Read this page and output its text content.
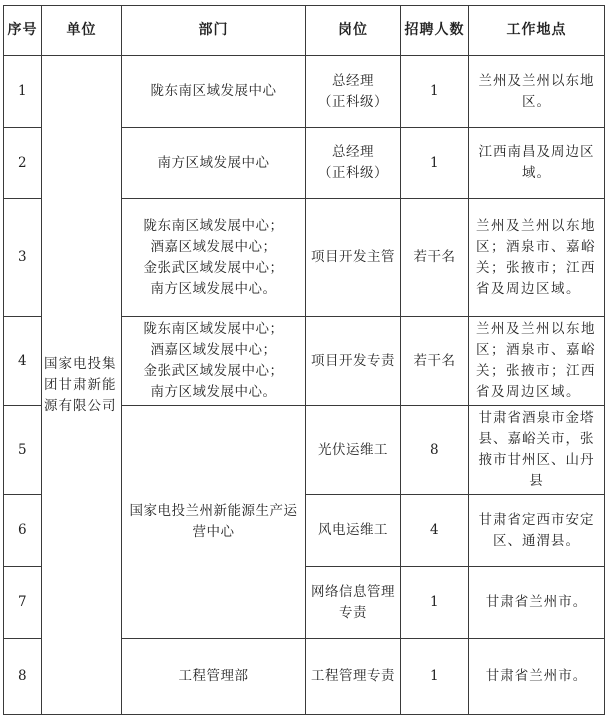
序号	单位	部门	岗位	招聘人数	工作地点
1	国家电投集团甘肃新能源有限公司	陇东南区域发展中心	总经理
（正科级）	1	兰州及兰州以东地区。
2		南方区域发展中心	总经理
（正科级）	1	江西南昌及周边区域。
3		陇东南区域发展中心；
酒嘉区域发展中心；
金张武区域发展中心；
南方区域发展中心。	项目开发主管	若干名	兰州及兰州以东地区；酒泉市、嘉峪关；张掖市；江西省及周边区域。
4		陇东南区域发展中心；
酒嘉区域发展中心；
金张武区域发展中心；
南方区域发展中心。	项目开发专责	若干名	兰州及兰州以东地区；酒泉市、嘉峪关；张掖市；江西省及周边区域。
5		国家电投兰州新能源生产运营中心	光伏运维工	8	甘肃省酒泉市金塔县、嘉峪关市，张掖市甘州区、山丹县
6			风电运维工	4	甘肃省定西市安定区、通渭县。
7			网络信息管理
专责	1	甘肃省兰州市。
8		工程管理部	工程管理专责	1	甘肃省兰州市。
